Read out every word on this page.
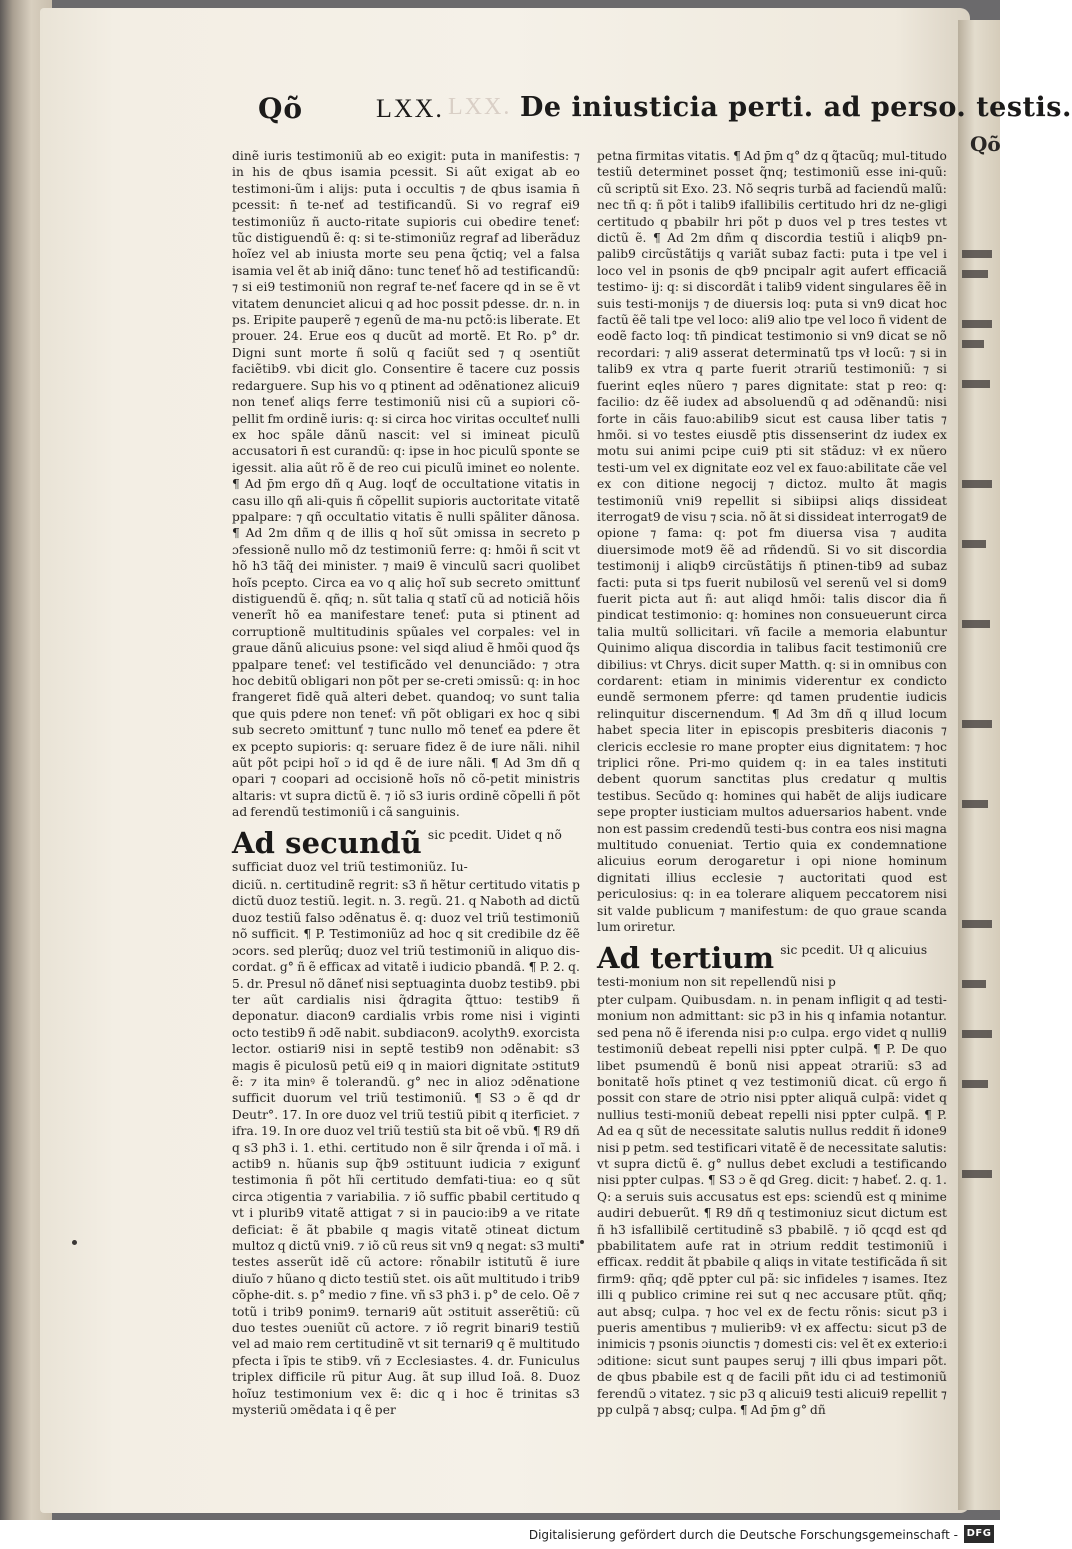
Qõ
Qõ	LXX. LXX. De iniusticia perti. ad perso. testis.

dinẽ iuris testimoniũ ab eo exigit: puta in manifestis: ⁊ in his de qbus isamia pcessit. Si aũt exigat ab eo testimoni-ũm i alijs: puta i occultis ⁊ de qbus isamia n̄ pcessit: n̄ te-neť ad testificandũ. Si vo regraf ei9 testimoniũz ñ aucto-ritate supioris cui obedire teneť: tũc distiguendũ ẽ: q: si te-stimoniũz regraf ad liberãduz hoĩez vel ab iniusta morte seu pena q̃ctiq; vel a falsa isamia vel ẽt ab iniq̃ dãno: tunc teneť hõ ad testificandũ: ⁊ si ei9 testimoniũ non regraf te-neť facere qd in se ẽ vt vitatem denunciet alicui q ad hoc possit pdesse. dr. n. in ps. Eripite pauperẽ ⁊ egenũ de ma-nu pctõ:is liberate. Et prouer. 24. Erue eos q ducũt ad mortẽ. Et Ro. p° dr. Digni sunt morte ñ solũ q faciũt sed ⁊ q ɔsentiũt faciẽtib9. vbi dicit glo. Consentire ẽ tacere cuz possis redarguere. Sup his vo q ptinent ad ɔdẽnationez alicui9 non teneť aliqs ferre testimoniũ nisi cũ a supiori cõ-pellit fm ordinẽ iuris: q: si circa hoc viritas occulteť nulli ex hoc spãle dãnũ nascit: vel si imineat piculũ accusatori n̄ est curandũ: q: ipse in hoc piculũ sponte se igessit. alia aũt rõ ẽ de reo cui piculũ iminet eo nolente. ¶ Ad p̄m ergo dñ q Aug. loqť de occultatione vitatis in casu illo qñ ali-quis ñ cõpellit supioris auctoritate vitatẽ ppalpare: ⁊ qñ occultatio vitatis ẽ nulli spãliter dãnosa. ¶ Ad 2m dñm q de illis q hoĩ sũt ɔmissa in secreto p ɔfessionẽ nullo mõ dz testimoniũ ferre: q: hmõi ñ scit vt hõ h3 tãq̃ dei minister. ⁊ mai9 ẽ vinculũ sacri quolibet hoĩs pcepto. Circa ea vo q aliç hoĩ sub secreto ɔmittunť distiguendũ ẽ. qñq; n. sũt talia q statĩ cũ ad noticiã hõis venerĩt hõ ea manifestare teneť: puta si ptinent ad corruptionẽ multitudinis spũales vel corpales: vel in graue dãnũ alicuius psone: vel siqd aliud ẽ hmõi quod q̃s ppalpare teneť: vel testificãdo vel denunciãdo: ⁊ ɔtra hoc debitũ obligari non põt per se-creti ɔmissũ: q: in hoc frangeret fidẽ quã alteri debet. quandoq; vo sunt talia que quis pdere non teneť: vñ põt obligari ex hoc q sibi sub secreto ɔmittunť ⁊ tunc nullo mõ teneť ea pdere ẽt ex pcepto supioris: q: seruare fidez ẽ de iure nãli. nihil aũt põt pcipi hoĩ ɔ id qd ẽ de iure nãli. ¶ Ad 3m dñ q opari ⁊ coopari ad occisionẽ hoĩs nõ cõ-petit ministris altaris: vt supra dictũ ẽ. ⁊ iõ s3 iuris ordinẽ cõpelli ñ põt ad ferendũ testimoniũ i cã sanguinis.

Ad secundũ sic pcedit. Uidet q nõ sufficiat duoz vel triũ testimoniũz. Iu-

diciũ. n. certitudinẽ regrit: s3 ñ hẽtur certitudo vitatis p dictũ duoz testiũ. legit. n. 3. regũ. 21. q Naboth ad dictũ duoz testiũ falso ɔdẽnatus ẽ. q: duoz vel triũ testimoniũ nõ sufficit. ¶ P. Testimoniũz ad hoc q sit credibile dz ẽẽ ɔcors. sed plerũq; duoz vel triũ testimoniũ in aliquo dis-cordat. g° ñ ẽ efficax ad vitatẽ i iudicio pbandã. ¶ P. 2. q. 5. dr. Presul nõ dãneť nisi septuaginta duobz testib9. pbi ter aũt cardialis nisi q̃dragita q̃ttuo: testib9 ñ deponatur. diacon9 cardialis vrbis rome nisi i viginti octo testib9 ñ ɔdẽ nabit. subdiacon9. acolyth9. exorcista lector. ostiari9 nisi in septẽ testib9 non ɔdẽnabit: s3 magis ẽ piculosũ petũ ei9 q in maiori dignitate ɔstitut9 ẽ: ⁊ ita minꝰ ẽ tolerandũ. g° nec in alioz ɔdẽnatione sufficit duorum vel triũ testimoniũ. ¶ S3 ɔ ẽ qd dr Deutr°. 17. In ore duoz vel triũ testiũ pibit q iterficiet. ⁊ ifra. 19. In ore duoz vel triũ testiũ sta bit oẽ vbũ. ¶ R9 dñ q s3 ph3 i. 1. ethi. certitudo non ẽ silr q̃renda i oĩ mã. i actib9 n. hũanis sup q̃b9 ɔstituunt iudicia ⁊ exigunť testimonia ñ põt hĩi certitudo demfati-tiua: eo q sũt circa ɔtigentia ⁊ variabilia. ⁊ iõ suffic pbabil certitudo q vt i plurib9 vitatẽ attigat ⁊ si in paucio:ib9 a ve ritate deficiat: ẽ ãt pbabile q magis vitatẽ ɔtineat dictum multoz q dictũ vni9. ⁊ iõ cũ reus sit vn9 q negat: s3 multi testes asserũt idẽ cũ actore: rõnabilr istitutũ ẽ iure diuĩo ⁊ hũano q dicto testiũ stet. ois aũt multitudo i trib9 cõphe-dit. s. p° medio ⁊ fine. vñ s3 ph3 i. p° de celo. Oẽ ⁊ totũ i trib9 ponim9. ternari9 aũt ɔstituit asserẽtiũ: cũ duo testes ɔueniũt cũ actore. ⁊ iõ regrit binari9 testiũ vel ad maio rem certitudinẽ vt sit ternari9 q ẽ multitudo pfecta i ĩpis te stib9. vñ ⁊ Ecclesiastes. 4. dr. Funiculus triplex difficile rũ pitur Aug. ãt sup illud Ioã. 8. Duoz hoĩuz testimonium vex ẽ: dic q i hoc ẽ trinitas s3 mysteriũ ɔmẽdata i q ẽ per

petna firmitas vitatis. ¶ Ad p̄m q° dz q q̃tacũq; mul-titudo testiũ determinet posset q̃nq; testimoniũ esse ini-quũ: cũ scriptũ sit Exo. 23. Nõ seqris turbã ad faciendũ malũ: nec tñ q: ñ põt i talib9 ifallibilis certitudo hri dz ne-gligi certitudo q pbabilr hri põt p duos vel p tres testes vt dictũ ẽ. ¶ Ad 2m dñm q discordia testiũ i aliqb9 pn-palib9 circũstãtijs q variãt subaz facti: puta i tpe vel i loco vel in psonis de qb9 pncipalr agit aufert efficaciã testimo- ij: q: si discordãt i talib9 vident singulares ẽẽ in suis testi-monijs ⁊ de diuersis loq: puta si vn9 dicat hoc factũ ẽẽ tali tpe vel loco: ali9 alio tpe vel loco ñ vident de eodẽ facto loq: tñ pindicat testimonio si vn9 dicat se nõ recordari: ⁊ ali9 asserat determinatũ tps vł locũ: ⁊ si in talib9 ex vtra q parte fuerit ɔtrariũ testimoniũ: ⁊ si fuerint eqles nũero ⁊ pares dignitate: stat p reo: q: facilio: dz ẽẽ iudex ad absoluendũ q ad ɔdẽnandũ: nisi forte in cãis fauo:abilib9 sicut est causa liber tatis ⁊ hmõi. si vo testes eiusdẽ ptis dissenserint dz iudex ex motu sui animi pcipe cui9 pti sit stãduz: vł ex nũero testi-um vel ex dignitate eoz vel ex fauo:abilitate cãe vel ex con ditione negocij ⁊ dictoz. multo ãt magis testimoniũ vni9 repellit si sibiipsi aliqs dissideat iterrogat9 de visu ⁊ scia. nõ ãt si dissideat interrogat9 de opione ⁊ fama: q: pot fm diuersa visa ⁊ audita diuersimode mot9 ẽẽ ad rñdendũ. Si vo sit discordia testimonij i aliqb9 circũstãtijs ñ ptinen-tib9 ad subaz facti: puta si tps fuerit nubilosũ vel serenũ vel si dom9 fuerit picta aut ñ: aut aliqd hmõi: talis discor dia ñ pindicat testimonio: q: homines non consueuerunt circa talia multũ sollicitari. vñ facile a memoria elabuntur Quinimo aliqua discordia in talibus facit testimoniũ cre dibilius: vt Chrys. dicit super Matth. q: si in omnibus con cordarent: etiam in minimis viderentur ex condicto eundẽ sermonem pferre: qd tamen prudentie iudicis relinquitur discernendum. ¶ Ad 3m dñ q illud locum habet specia liter in episcopis presbiteris diaconis ⁊ clericis ecclesie ro mane propter eius dignitatem: ⁊ hoc triplici rõne. Pri-mo quidem q: in ea tales instituti debent quorum sanctitas plus credatur q multis testibus. Secũdo q: homines qui habẽt de alijs iudicare sepe propter iusticiam multos aduersarios habent. vnde non est passim credendũ testi-bus contra eos nisi magna multitudo conueniat. Tertio quia ex condemnatione alicuius eorum derogaretur i opi nione hominum dignitati illius ecclesie ⁊ auctoritati quod est periculosius: q: in ea tolerare aliquem peccatorem nisi sit valde publicum ⁊ manifestum: de quo graue scanda lum oriretur.

Ad tertium sic pcedit. Uł q alicuius testi-monium non sit repellendũ nisi p

pter culpam. Quibusdam. n. in penam infligit q ad testi-monium non admittant: sic p3 in his q infamia notantur. sed pena nõ ẽ iferenda nisi p:o culpa. ergo videt q nulli9 testimoniũ debeat repelli nisi ppter culpã. ¶ P. De quo libet psumendũ ẽ bonũ nisi appeat ɔtrariũ: s3 ad bonitatẽ hoĩs ptinet q vez testimoniũ dicat. cũ ergo ñ possit con stare de ɔtrio nisi ppter aliquã culpã: videt q nullius testi-moniũ debeat repelli nisi ppter culpã. ¶ P. Ad ea q sũt de necessitate salutis nullus reddit ñ idone9 nisi p petm. sed testificari vitatẽ ẽ de necessitate salutis: vt supra dictũ ẽ. g° nullus debet excludi a testificando nisi ppter culpas. ¶ S3 ɔ ẽ qd Greg. dicit: ⁊ habeť. 2. q. 1. Q: a seruis suis accusatus est eps: sciendũ est q minime audiri debuerũt. ¶ R9 dñ q testimoniuz sicut dictum est ñ h3 isfallibilẽ certitudinẽ s3 pbabilẽ. ⁊ iõ qcqd est qd pbabilitatem aufe rat in ɔtrium reddit testimoniũ i efficax. reddit ãt pbabile q aliqs in vitate testificãda ñ sit firm9: qñq; qdẽ ppter cul pã: sic infideles ⁊ isames. Itez illi q publico crimine rei sut q nec accusare ptũt. qñq; aut absq; culpa. ⁊ hoc vel ex de fectu rõnis: sicut p3 i pueris amentibus ⁊ mulierib9: vł ex affectu: sicut p3 de inimicis ⁊ psonis ɔiunctis ⁊ domesti cis: vel ẽt ex exterio:i ɔditione: sicut sunt paupes seruj ⁊ illi qbus impari põt. de qbus pbabile est q de facili pñt idu ci ad testimoniũ ferendũ ɔ vitatez. ⁊ sic p3 q alicui9 testi alicui9 repellit ⁊ pp culpã ⁊ absq; culpa. ¶ Ad p̄m g° dñ

Digitalisierung gefördert durch die Deutsche Forschungsgemeinschaft - DFG
